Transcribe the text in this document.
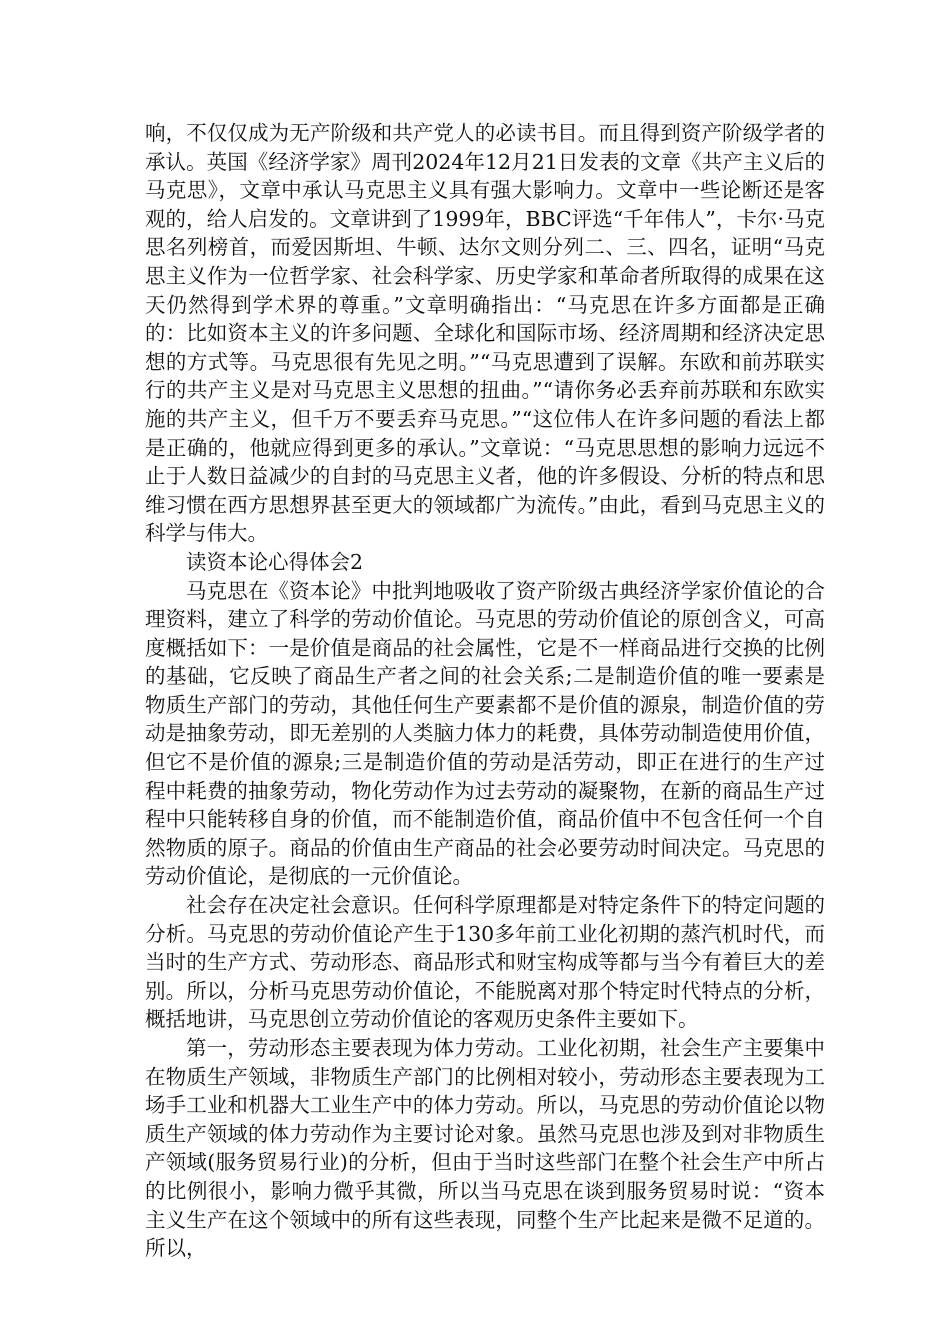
响，不仅仅成为无产阶级和共产党人的必读书目。而且得到资产阶级学者的承认。英国《经济学家》周刊2024年12月21日发表的文章《共产主义后的马克思》，文章中承认马克思主义具有强大影响力。文章中一些论断还是客观的，给人启发的。文章讲到了1999年，BBC评选“千年伟人”，卡尔·马克思名列榜首，而爱因斯坦、牛顿、达尔文则分列二、三、四名，证明“马克思主义作为一位哲学家、社会科学家、历史学家和革命者所取得的成果在这天仍然得到学术界的尊重。”文章明确指出：“马克思在许多方面都是正确的：比如资本主义的许多问题、全球化和国际市场、经济周期和经济决定思想的方式等。马克思很有先见之明。”“马克思遭到了误解。东欧和前苏联实行的共产主义是对马克思主义思想的扭曲。”“请你务必丢弃前苏联和东欧实施的共产主义，但千万不要丢弃马克思。”“这位伟人在许多问题的看法上都是正确的，他就应得到更多的承认。”文章说：“马克思思想的影响力远远不止于人数日益减少的自封的马克思主义者，他的许多假设、分析的特点和思维习惯在西方思想界甚至更大的领域都广为流传。”由此，看到马克思主义的科学与伟大。

读资本论心得体会2

马克思在《资本论》中批判地吸收了资产阶级古典经济学家价值论的合理资料，建立了科学的劳动价值论。马克思的劳动价值论的原创含义，可高度概括如下：一是价值是商品的社会属性，它是不一样商品进行交换的比例的基础，它反映了商品生产者之间的社会关系;二是制造价值的唯一要素是物质生产部门的劳动，其他任何生产要素都不是价值的源泉，制造价值的劳动是抽象劳动，即无差别的人类脑力体力的耗费，具体劳动制造使用价值，但它不是价值的源泉;三是制造价值的劳动是活劳动，即正在进行的生产过程中耗费的抽象劳动，物化劳动作为过去劳动的凝聚物，在新的商品生产过程中只能转移自身的价值，而不能制造价值，商品价值中不包含任何一个自然物质的原子。商品的价值由生产商品的社会必要劳动时间决定。马克思的劳动价值论，是彻底的一元价值论。

社会存在决定社会意识。任何科学原理都是对特定条件下的特定问题的分析。马克思的劳动价值论产生于130多年前工业化初期的蒸汽机时代，而当时的生产方式、劳动形态、商品形式和财宝构成等都与当今有着巨大的差别。所以，分析马克思劳动价值论，不能脱离对那个特定时代特点的分析，概括地讲，马克思创立劳动价值论的客观历史条件主要如下。

第一，劳动形态主要表现为体力劳动。工业化初期，社会生产主要集中在物质生产领域，非物质生产部门的比例相对较小，劳动形态主要表现为工场手工业和机器大工业生产中的体力劳动。所以，马克思的劳动价值论以物质生产领域的体力劳动作为主要讨论对象。虽然马克思也涉及到对非物质生产领域(服务贸易行业)的分析，但由于当时这些部门在整个社会生产中所占的比例很小，影响力微乎其微，所以当马克思在谈到服务贸易时说：“资本主义生产在这个领域中的所有这些表现，同整个生产比起来是微不足道的。所以，
